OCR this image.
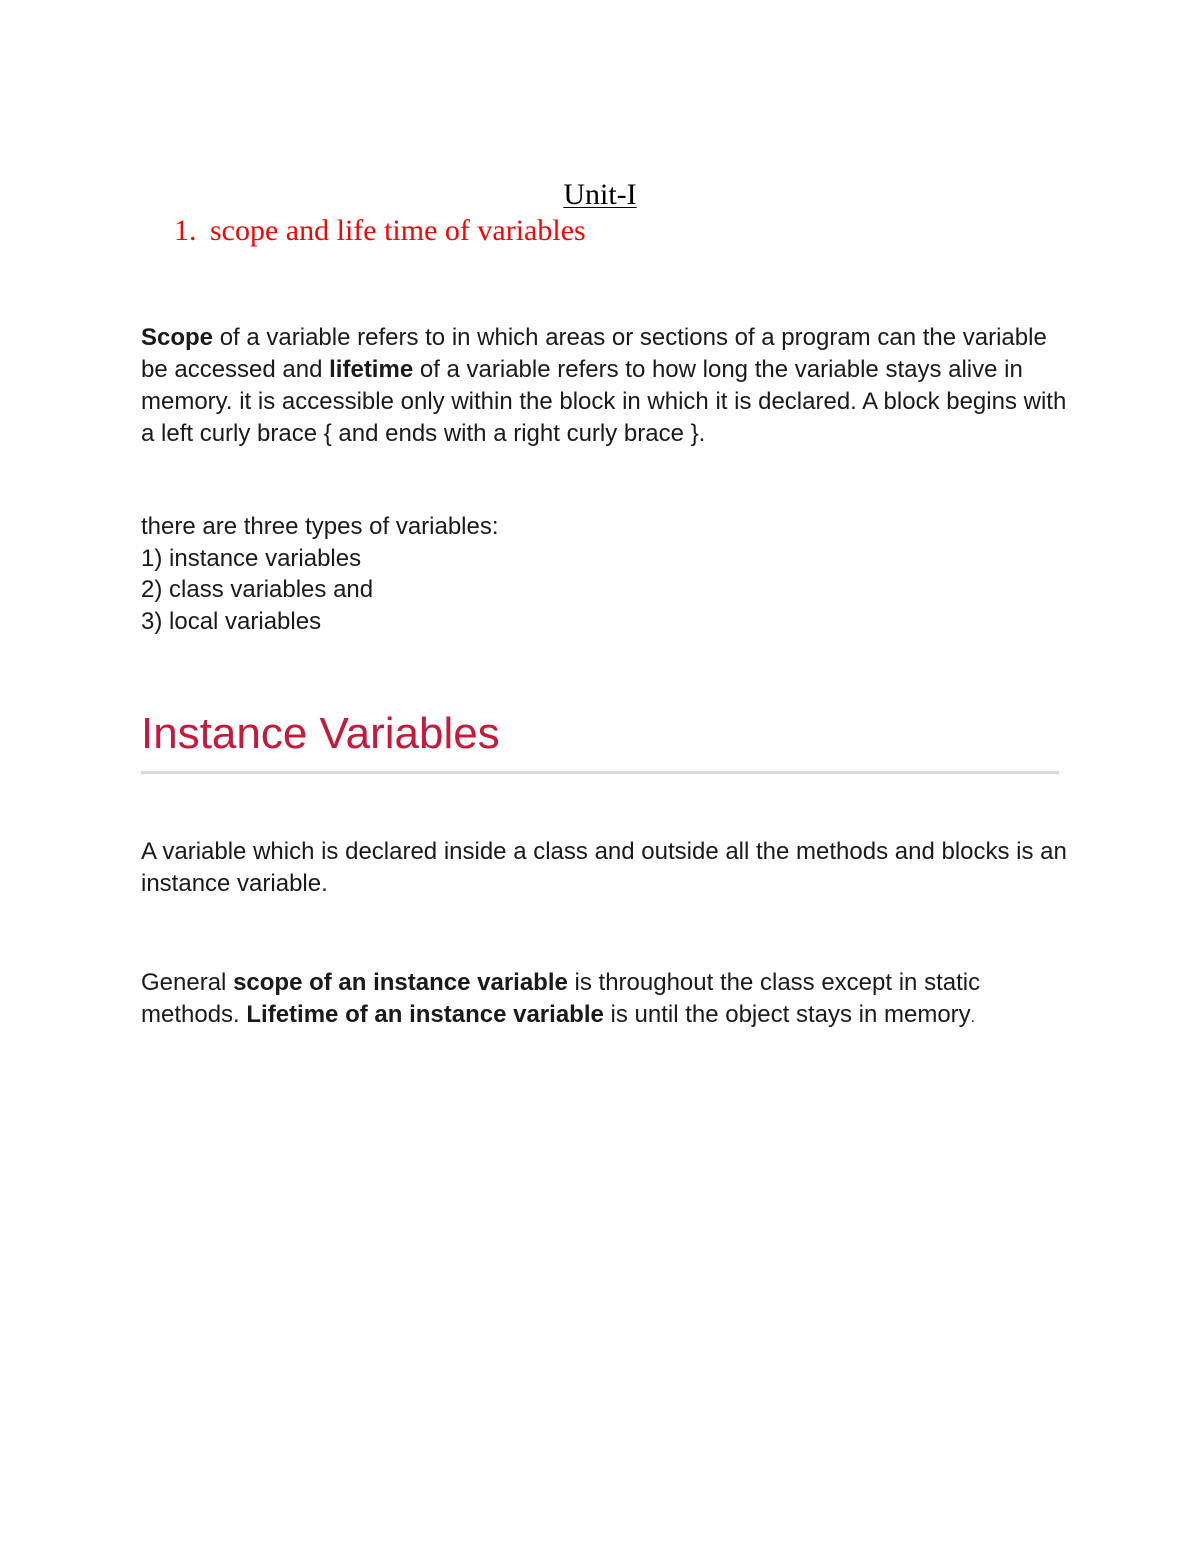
Unit-I
1. scope and life time of variables

Scope of a variable refers to in which areas or sections of a program can the variable be accessed and lifetime of a variable refers to how long the variable stays alive in memory. it is accessible only within the block in which it is declared. A block begins with a left curly brace { and ends with a right curly brace }.

there are three types of variables:
1) instance variables
2) class variables and
3) local variables
Instance Variables

A variable which is declared inside a class and outside all the methods and blocks is an instance variable.

General scope of an instance variable is throughout the class except in static methods. Lifetime of an instance variable is until the object stays in memory.
